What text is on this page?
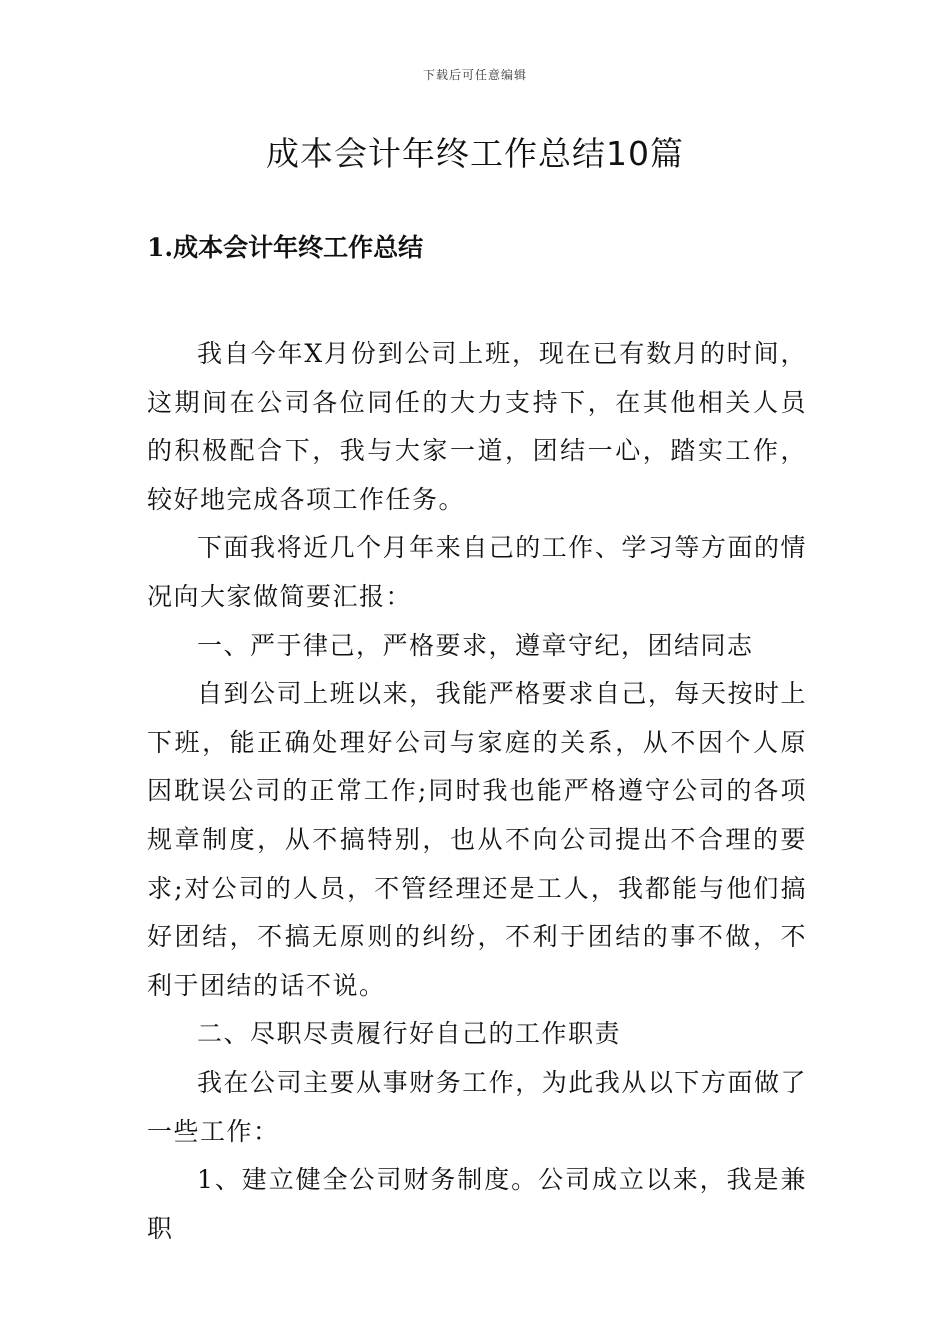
下载后可任意编辑
成本会计年终工作总结10篇
1.成本会计年终工作总结

我自今年X月份到公司上班，现在已有数月的时间，这期间在公司各位同任的大力支持下，在其他相关人员的积极配合下，我与大家一道，团结一心，踏实工作，较好地完成各项工作任务。

下面我将近几个月年来自己的工作、学习等方面的情况向大家做简要汇报：

一、严于律己，严格要求，遵章守纪，团结同志

自到公司上班以来，我能严格要求自己，每天按时上下班，能正确处理好公司与家庭的关系，从不因个人原因耽误公司的正常工作;同时我也能严格遵守公司的各项规章制度，从不搞特别，也从不向公司提出不合理的要求;对公司的人员，不管经理还是工人，我都能与他们搞好团结，不搞无原则的纠纷，不利于团结的事不做，不利于团结的话不说。

二、尽职尽责履行好自己的工作职责

我在公司主要从事财务工作，为此我从以下方面做了一些工作：

1、建立健全公司财务制度。公司成立以来，我是兼职
